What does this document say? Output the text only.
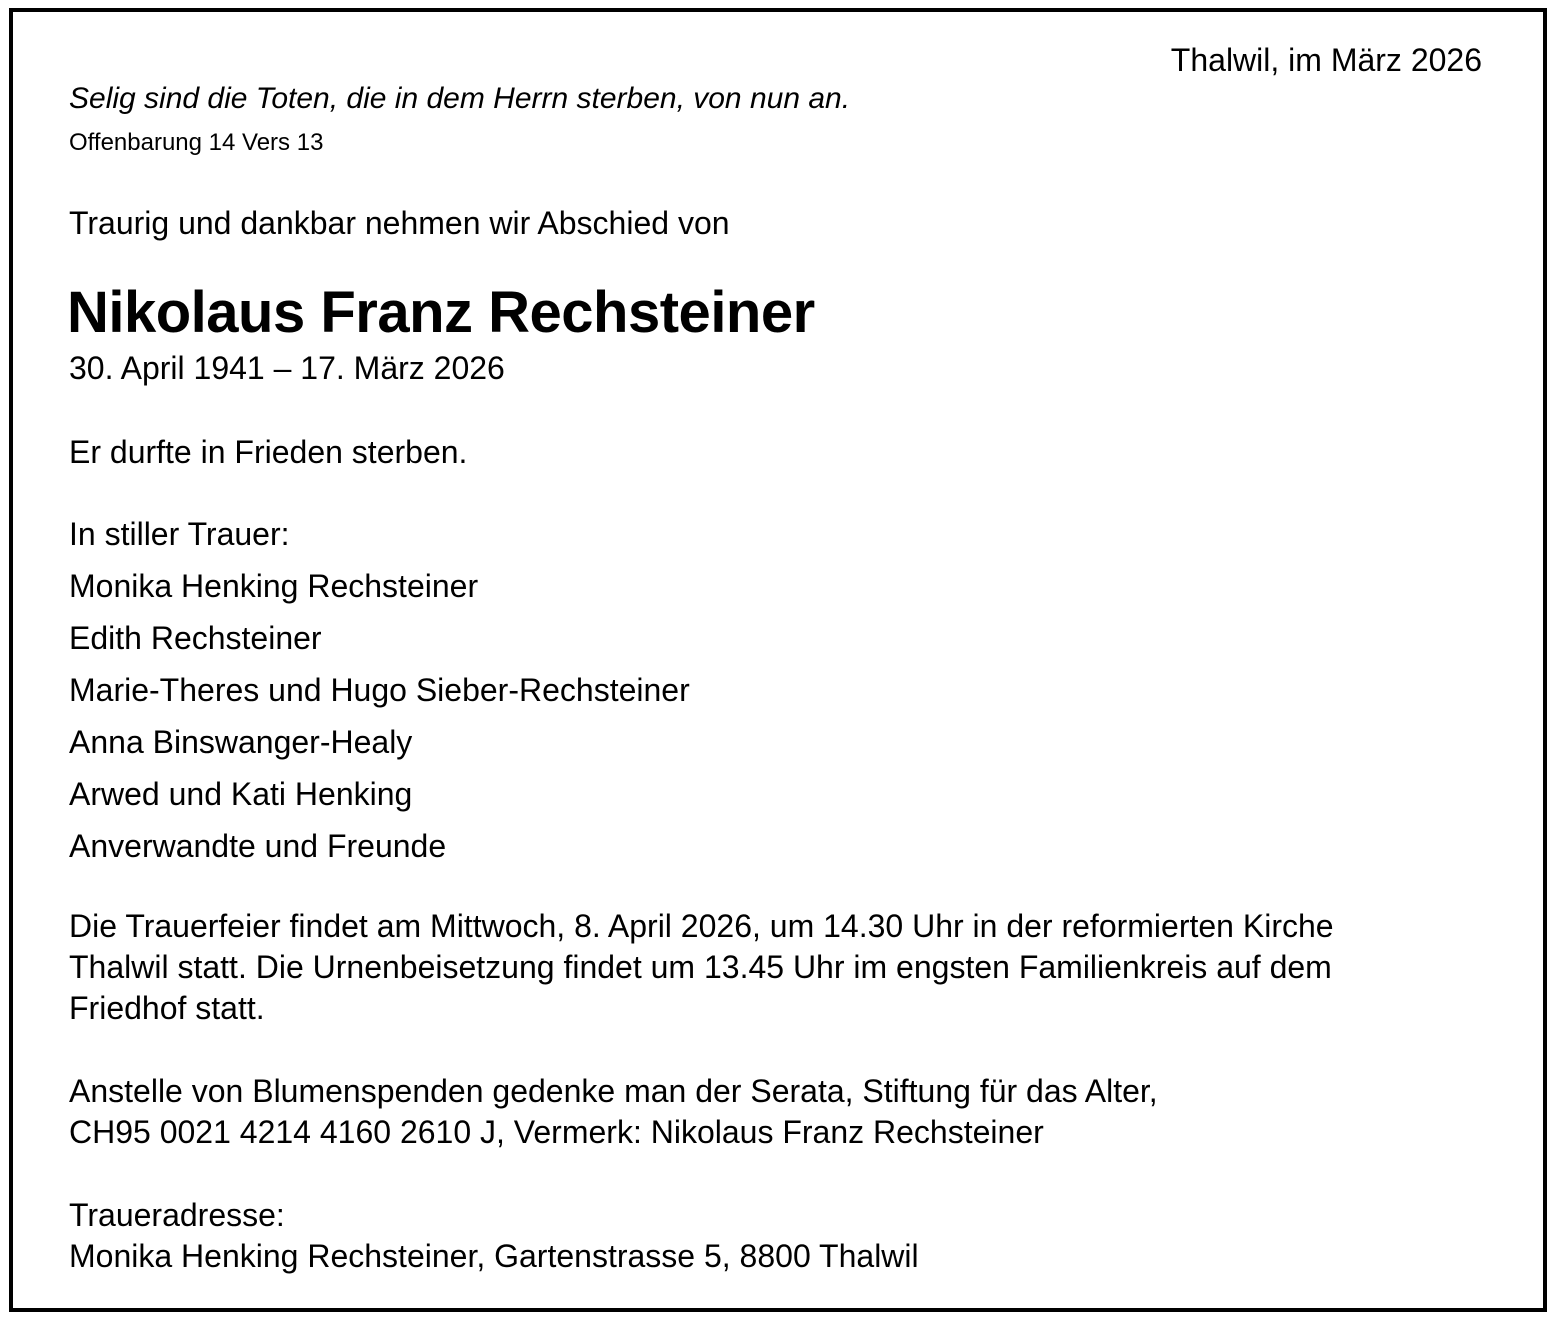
Thalwil, im März 2026
Selig sind die Toten, die in dem Herrn sterben, von nun an.
Offenbarung 14 Vers 13
Traurig und dankbar nehmen wir Abschied von
Nikolaus Franz Rechsteiner
30. April 1941 – 17. März 2026
Er durfte in Frieden sterben.
In stiller Trauer:
Monika Henking Rechsteiner
Edith Rechsteiner
Marie-Theres und Hugo Sieber-Rechsteiner
Anna Binswanger-Healy
Arwed und Kati Henking
Anverwandte und Freunde
Die Trauerfeier findet am Mittwoch, 8. April 2026, um 14.30 Uhr in der reformierten Kirche
Thalwil statt. Die Urnenbeisetzung findet um 13.45 Uhr im engsten Familienkreis auf dem
Friedhof statt.
Anstelle von Blumenspenden gedenke man der Serata, Stiftung für das Alter,
CH95 0021 4214 4160 2610 J, Vermerk: Nikolaus Franz Rechsteiner
Traueradresse:
Monika Henking Rechsteiner, Gartenstrasse 5, 8800 Thalwil
